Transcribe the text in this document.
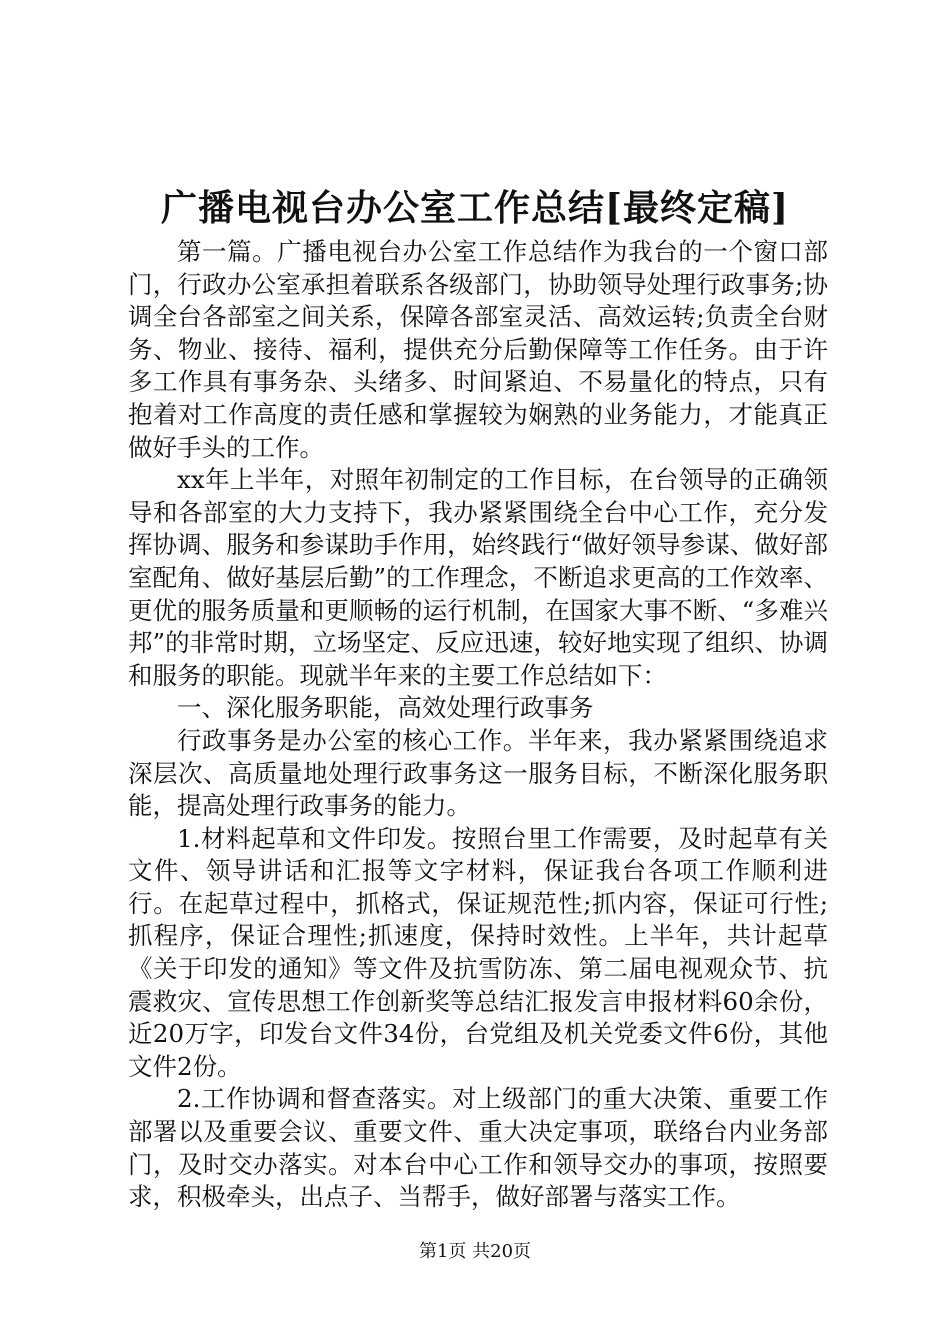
广播电视台办公室工作总结[最终定稿]

第一篇。广播电视台办公室工作总结作为我台的一个窗口部门，行政办公室承担着联系各级部门，协助领导处理行政事务;协调全台各部室之间关系，保障各部室灵活、高效运转;负责全台财务、物业、接待、福利，提供充分后勤保障等工作任务。由于许多工作具有事务杂、头绪多、时间紧迫、不易量化的特点，只有抱着对工作高度的责任感和掌握较为娴熟的业务能力，才能真正做好手头的工作。

xx年上半年，对照年初制定的工作目标，在台领导的正确领导和各部室的大力支持下，我办紧紧围绕全台中心工作，充分发挥协调、服务和参谋助手作用，始终践行“做好领导参谋、做好部室配角、做好基层后勤”的工作理念，不断追求更高的工作效率、更优的服务质量和更顺畅的运行机制，在国家大事不断、“多难兴邦”的非常时期，立场坚定、反应迅速，较好地实现了组织、协调和服务的职能。现就半年来的主要工作总结如下：

一、深化服务职能，高效处理行政事务

行政事务是办公室的核心工作。半年来，我办紧紧围绕追求深层次、高质量地处理行政事务这一服务目标，不断深化服务职能，提高处理行政事务的能力。

1.材料起草和文件印发。按照台里工作需要，及时起草有关文件、领导讲话和汇报等文字材料，保证我台各项工作顺利进行。在起草过程中，抓格式，保证规范性;抓内容，保证可行性;抓程序，保证合理性;抓速度，保持时效性。上半年，共计起草《关于印发的通知》等文件及抗雪防冻、第二届电视观众节、抗震救灾、宣传思想工作创新奖等总结汇报发言申报材料60余份，近20万字，印发台文件34份，台党组及机关党委文件6份，其他文件2份。

2.工作协调和督查落实。对上级部门的重大决策、重要工作部署以及重要会议、重要文件、重大决定事项，联络台内业务部门，及时交办落实。对本台中心工作和领导交办的事项，按照要求，积极牵头，出点子、当帮手，做好部署与落实工作。

第1页 共20页
